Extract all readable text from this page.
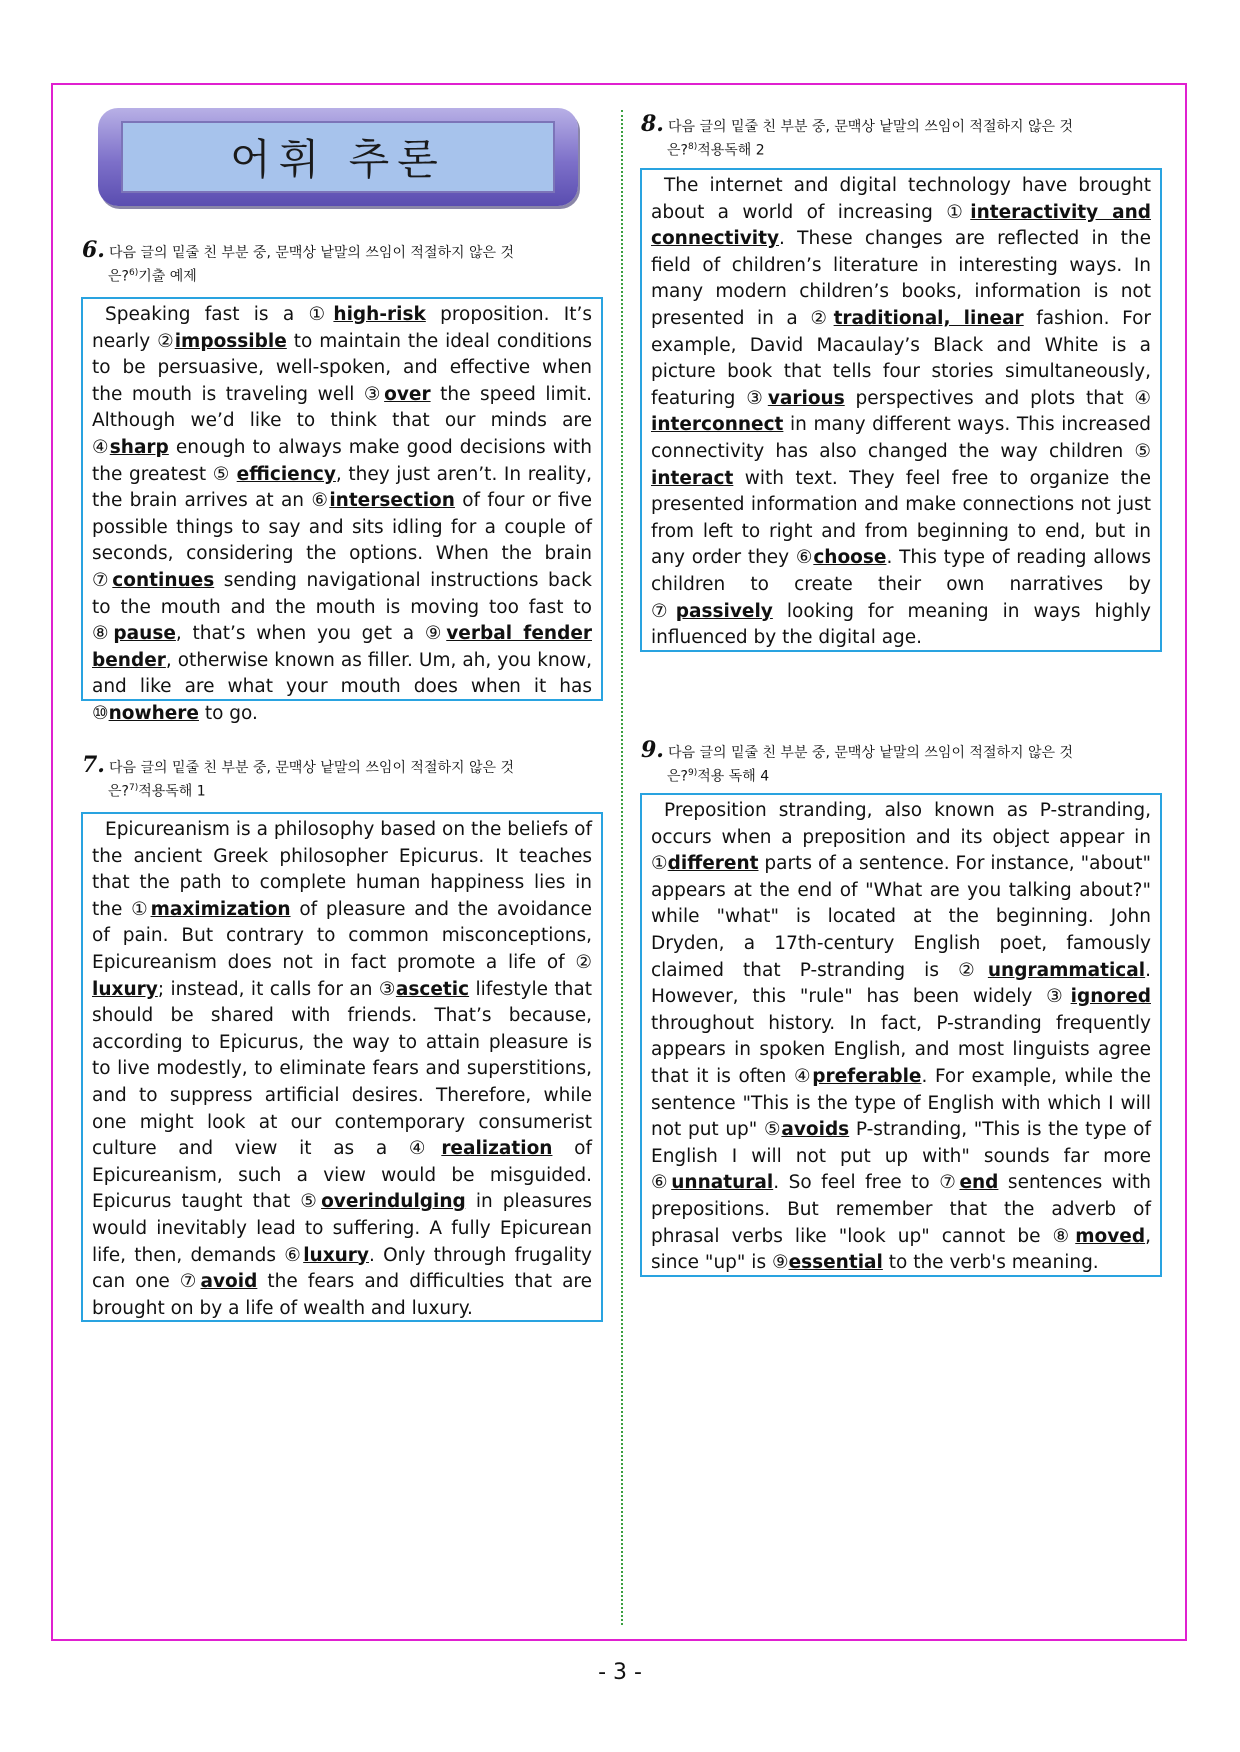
어휘 추론
6. 다음 글의 밑줄 친 부분 중, 문맥상 낱말의 쓰임이 적절하지 않은 것
은?$^{6)}$기출 예제

Speaking fast is a ①high-risk proposition. It’s nearly ②impossible to maintain the ideal conditions to be persuasive, well-spoken, and effective when the mouth is traveling well ③over the speed limit. Although we’d like to think that our minds are ④sharp enough to always make good decisions with the greatest ⑤ efficiency, they just aren’t. In reality, the brain arrives at an ⑥intersection of four or five possible things to say and sits idling for a couple of seconds, considering the options. When the brain ⑦continues sending navigational instructions back to the mouth and the mouth is moving too fast to ⑧pause, that’s when you get a ⑨verbal fender bender, otherwise known as filler. Um, ah, you know, and like are what your mouth does when it has ⑩nowhere to go.

7. 다음 글의 밑줄 친 부분 중, 문맥상 낱말의 쓰임이 적절하지 않은 것
은?$^{7)}$적용독해 1

Epicureanism is a philosophy based on the beliefs of the ancient Greek philosopher Epicurus. It teaches that the path to complete human happiness lies in the ①maximization of pleasure and the avoidance of pain. But contrary to common misconceptions, Epicureanism does not in fact promote a life of ② luxury; instead, it calls for an ③ascetic lifestyle that should be shared with friends. That’s because, according to Epicurus, the way to attain pleasure is to live modestly, to eliminate fears and superstitions, and to suppress artificial desires. Therefore, while one might look at our contemporary consumerist culture and view it as a ④realization of Epicureanism, such a view would be misguided. Epicurus taught that ⑤overindulging in pleasures would inevitably lead to suffering. A fully Epicurean life, then, demands ⑥luxury. Only through frugality can one ⑦avoid the fears and difficulties that are brought on by a life of wealth and luxury.

8. 다음 글의 밑줄 친 부분 중, 문맥상 낱말의 쓰임이 적절하지 않은 것
은?$^{8)}$적용독해 2

The internet and digital technology have brought about a world of increasing ①interactivity and connectivity. These changes are reflected in the field of children’s literature in interesting ways. In many modern children’s books, information is not presented in a ②traditional, linear fashion. For example, David Macaulay’s Black and White is a picture book that tells four stories simultaneously, featuring ③various perspectives and plots that ④ interconnect in many different ways. This increased connectivity has also changed the way children ⑤ interact with text. They feel free to organize the presented information and make connections not just from left to right and from beginning to end, but in any order they ⑥choose. This type of reading allows children to create their own narratives by ⑦passively looking for meaning in ways highly influenced by the digital age.

9. 다음 글의 밑줄 친 부분 중, 문맥상 낱말의 쓰임이 적절하지 않은 것
은?$^{9)}$적용 독해 4

Preposition stranding, also known as P-stranding, occurs when a preposition and its object appear in ①different parts of a sentence. For instance, "about" appears at the end of "What are you talking about?" while "what" is located at the beginning. John Dryden, a 17th-century English poet, famously claimed that P-stranding is ②ungrammatical. However, this "rule" has been widely ③ignored throughout history. In fact, P-stranding frequently appears in spoken English, and most linguists agree that it is often ④preferable. For example, while the sentence "This is the type of English with which I will not put up" ⑤avoids P-stranding, "This is the type of English I will not put up with" sounds far more ⑥unnatural. So feel free to ⑦end sentences with prepositions. But remember that the adverb of phrasal verbs like "look up" cannot be ⑧moved, since "up" is ⑨essential to the verb's meaning.

- 3 -
